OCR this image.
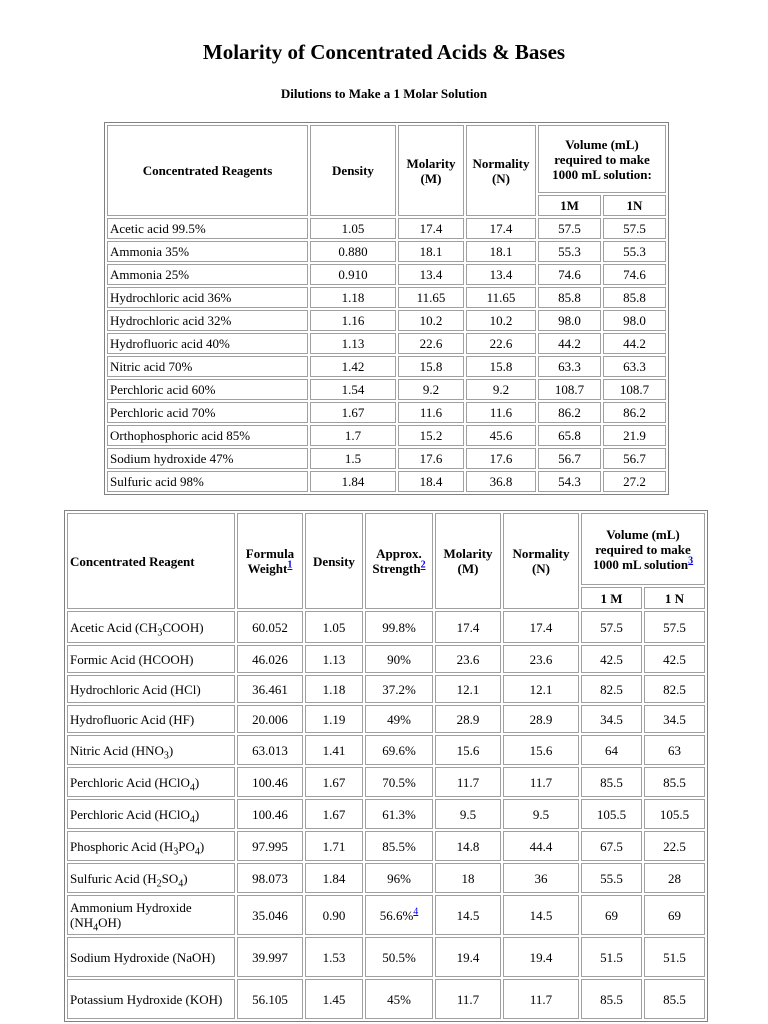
Molarity of Concentrated Acids & Bases
Dilutions to Make a 1 Molar Solution
Concentrated Reagents	Density	Molarity (M)	Normality (N)	Volume (mL) required to make 1000 mL solution:	
				1M	1N
Acetic acid 99.5%	1.05	17.4	17.4	57.5	57.5
Ammonia 35%	0.880	18.1	18.1	55.3	55.3
Ammonia 25%	0.910	13.4	13.4	74.6	74.6
Hydrochloric acid 36%	1.18	11.65	11.65	85.8	85.8
Hydrochloric acid 32%	1.16	10.2	10.2	98.0	98.0
Hydrofluoric acid 40%	1.13	22.6	22.6	44.2	44.2
Nitric acid 70%	1.42	15.8	15.8	63.3	63.3
Perchloric acid 60%	1.54	9.2	9.2	108.7	108.7
Perchloric acid 70%	1.67	11.6	11.6	86.2	86.2
Orthophosphoric acid 85%	1.7	15.2	45.6	65.8	21.9
Sodium hydroxide 47%	1.5	17.6	17.6	56.7	56.7
Sulfuric acid 98%	1.84	18.4	36.8	54.3	27.2
Concentrated Reagent	Formula Weight$^1$	Density	Approx. Strength$^2$	Molarity (M)	Normality (N)	Volume (mL) required to make 1000 mL solution$^3$
						1 M	1 N
Acetic Acid $(CH_3COOH)$	60.052	1.05	99.8%	17.4	17.4	57.5	57.5
Formic Acid (HCOOH)	46.026	1.13	90%	23.6	23.6	42.5	42.5
Hydrochloric Acid (HCl)	36.461	1.18	37.2%	12.1	12.1	82.5	82.5
Hydrofluoric Acid (HF)	20.006	1.19	49%	28.9	28.9	34.5	34.5
Nitric Acid $(HNO_3)$	63.013	1.41	69.6%	15.6	15.6	64	63
Perchloric Acid (HClO$_4$)	100.46	1.67	70.5%	11.7	11.7	85.5	85.5
Perchloric Acid (HClO$_4$)	100.46	1.67	61.3%	9.5	9.5	105.5	105.5
Phosphoric Acid $(H_3PO_4)$	97.995	1.71	85.5%	14.8	44.4	67.5	22.5
Sulfuric Acid $(H_2SO_4)$	98.073	1.84	96%	18	36	55.5	28
Ammonium Hydroxide $(NH_4OH)$	35.046	0.90	56.6%$^4$	14.5	14.5	69	69
Sodium Hydroxide (NaOH)	39.997	1.53	50.5%	19.4	19.4	51.5	51.5
Potassium Hydroxide (KOH)	56.105	1.45	45%	11.7	11.7	85.5	85.5
